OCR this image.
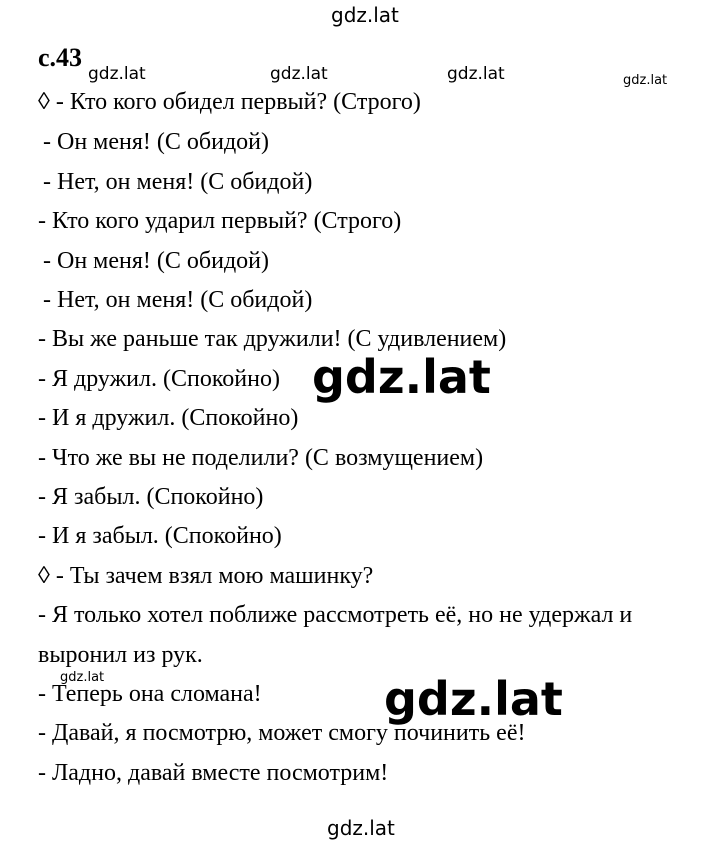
gdz.lat
с.43
gdz.lat	gdz.lat	gdz.lat	gdz.lat
◊ - Кто кого обидел первый? (Строго)
- Он меня! (С обидой)
- Нет, он меня! (С обидой)
- Кто кого ударил первый? (Строго)
- Он меня! (С обидой)
- Нет, он меня! (С обидой)
- Вы же раньше так дружили! (С удивлением)
- Я дружил. (Спокойно)
- И я дружил. (Спокойно)
- Что же вы не поделили? (С возмущением)
- Я забыл. (Спокойно)
- И я забыл. (Спокойно)
◊ - Ты зачем взял мою машинку?
- Я только хотел поближе рассмотреть её, но не удержал и
выронил из рук.
- Теперь она сломана!
- Давай, я посмотрю, может смогу починить её!
- Ладно, давай вместе посмотрим!
gdz.lat
gdz.lat	gdz.lat
gdz.lat
